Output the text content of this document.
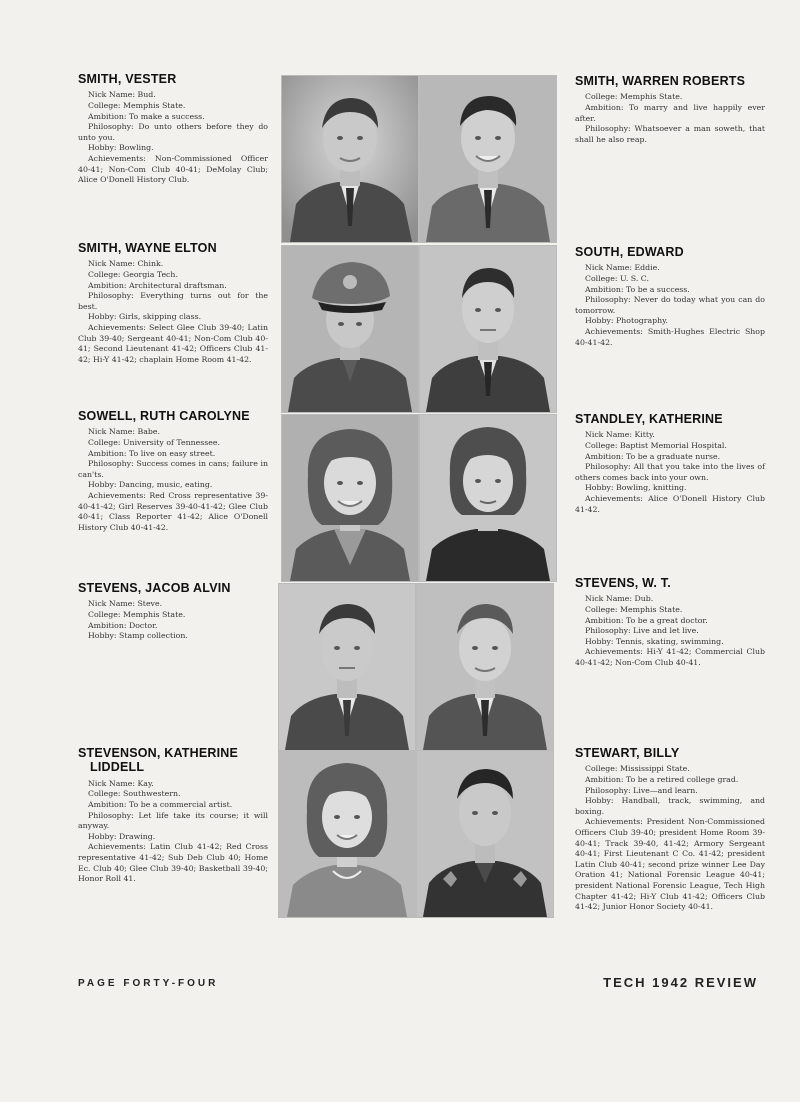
SMITH, VESTER

Nick Name: Bud.

College: Memphis State.

Ambition: To make a success.

Philosophy: Do unto others before they do unto you.

Hobby: Bowling.

Achievements: Non-Commissioned Officer 40-41; Non-Com Club 40-41; DeMolay Club; Alice O'Donell History Club.

SMITH, WARREN ROBERTS

College: Memphis State.

Ambition: To marry and live happily ever after.

Philosophy: Whatsoever a man soweth, that shall he also reap.

SMITH, WAYNE ELTON

Nick Name: Chink.

College: Georgia Tech.

Ambition: Architectural draftsman.

Philosophy: Everything turns out for the best.

Hobby: Girls, skipping class.

Achievements: Select Glee Club 39-40; Latin Club 39-40; Sergeant 40-41; Non-Com Club 40-41; Second Lieutenant 41-42; Officers Club 41-42; Hi-Y 41-42; chaplain Home Room 41-42.

SOUTH, EDWARD

Nick Name: Eddie.

College: U. S. C.

Ambition: To be a success.

Philosophy: Never do today what you can do tomorrow.

Hobby: Photography.

Achievements: Smith-Hughes Electric Shop 40-41-42.

SOWELL, RUTH CAROLYNE

Nick Name: Babe.

College: University of Tennessee.

Ambition: To live on easy street.

Philosophy: Success comes in cans; failure in can'ts.

Hobby: Dancing, music, eating.

Achievements: Red Cross representative 39-40-41-42; Girl Reserves 39-40-41-42; Glee Club 40-41; Class Reporter 41-42; Alice O'Donell History Club 40-41-42.

STANDLEY, KATHERINE

Nick Name: Kitty.

College: Baptist Memorial Hospital.

Ambition: To be a graduate nurse.

Philosophy: All that you take into the lives of others comes back into your own.

Hobby: Bowling, knitting.

Achievements: Alice O'Donell History Club 41-42.

STEVENS, JACOB ALVIN

Nick Name: Steve.

College: Memphis State.

Ambition: Doctor.

Hobby: Stamp collection.

STEVENS, W. T.

Nick Name: Dub.

College: Memphis State.

Ambition: To be a great doctor.

Philosophy: Live and let live.

Hobby: Tennis, skating, swimming.

Achievements: Hi-Y 41-42; Commercial Club 40-41-42; Non-Com Club 40-41.

STEVENSON, KATHERINE
LIDDELL

Nick Name: Kay.

College: Southwestern.

Ambition: To be a commercial artist.

Philosophy: Let life take its course; it will anyway.

Hobby: Drawing.

Achievements: Latin Club 41-42; Red Cross representative 41-42; Sub Deb Club 40; Home Ec. Club 40; Glee Club 39-40; Basketball 39-40; Honor Roll 41.

STEWART, BILLY

College: Mississippi State.

Ambition: To be a retired college grad.

Philosophy: Live—and learn.

Hobby: Handball, track, swimming, and boxing.

Achievements: President Non-Commissioned Officers Club 39-40; president Home Room 39-40-41; Track 39-40, 41-42; Armory Sergeant 40-41; First Lieutenant C Co. 41-42; president Latin Club 40-41; second prize winner Lee Day Oration 41; National Forensic League 40-41; president National Forensic League, Tech High Chapter 41-42; Hi-Y Club 41-42; Officers Club 41-42; Junior Honor Society 40-41.

PAGE FORTY-FOUR	TECH 1942 REVIEW
